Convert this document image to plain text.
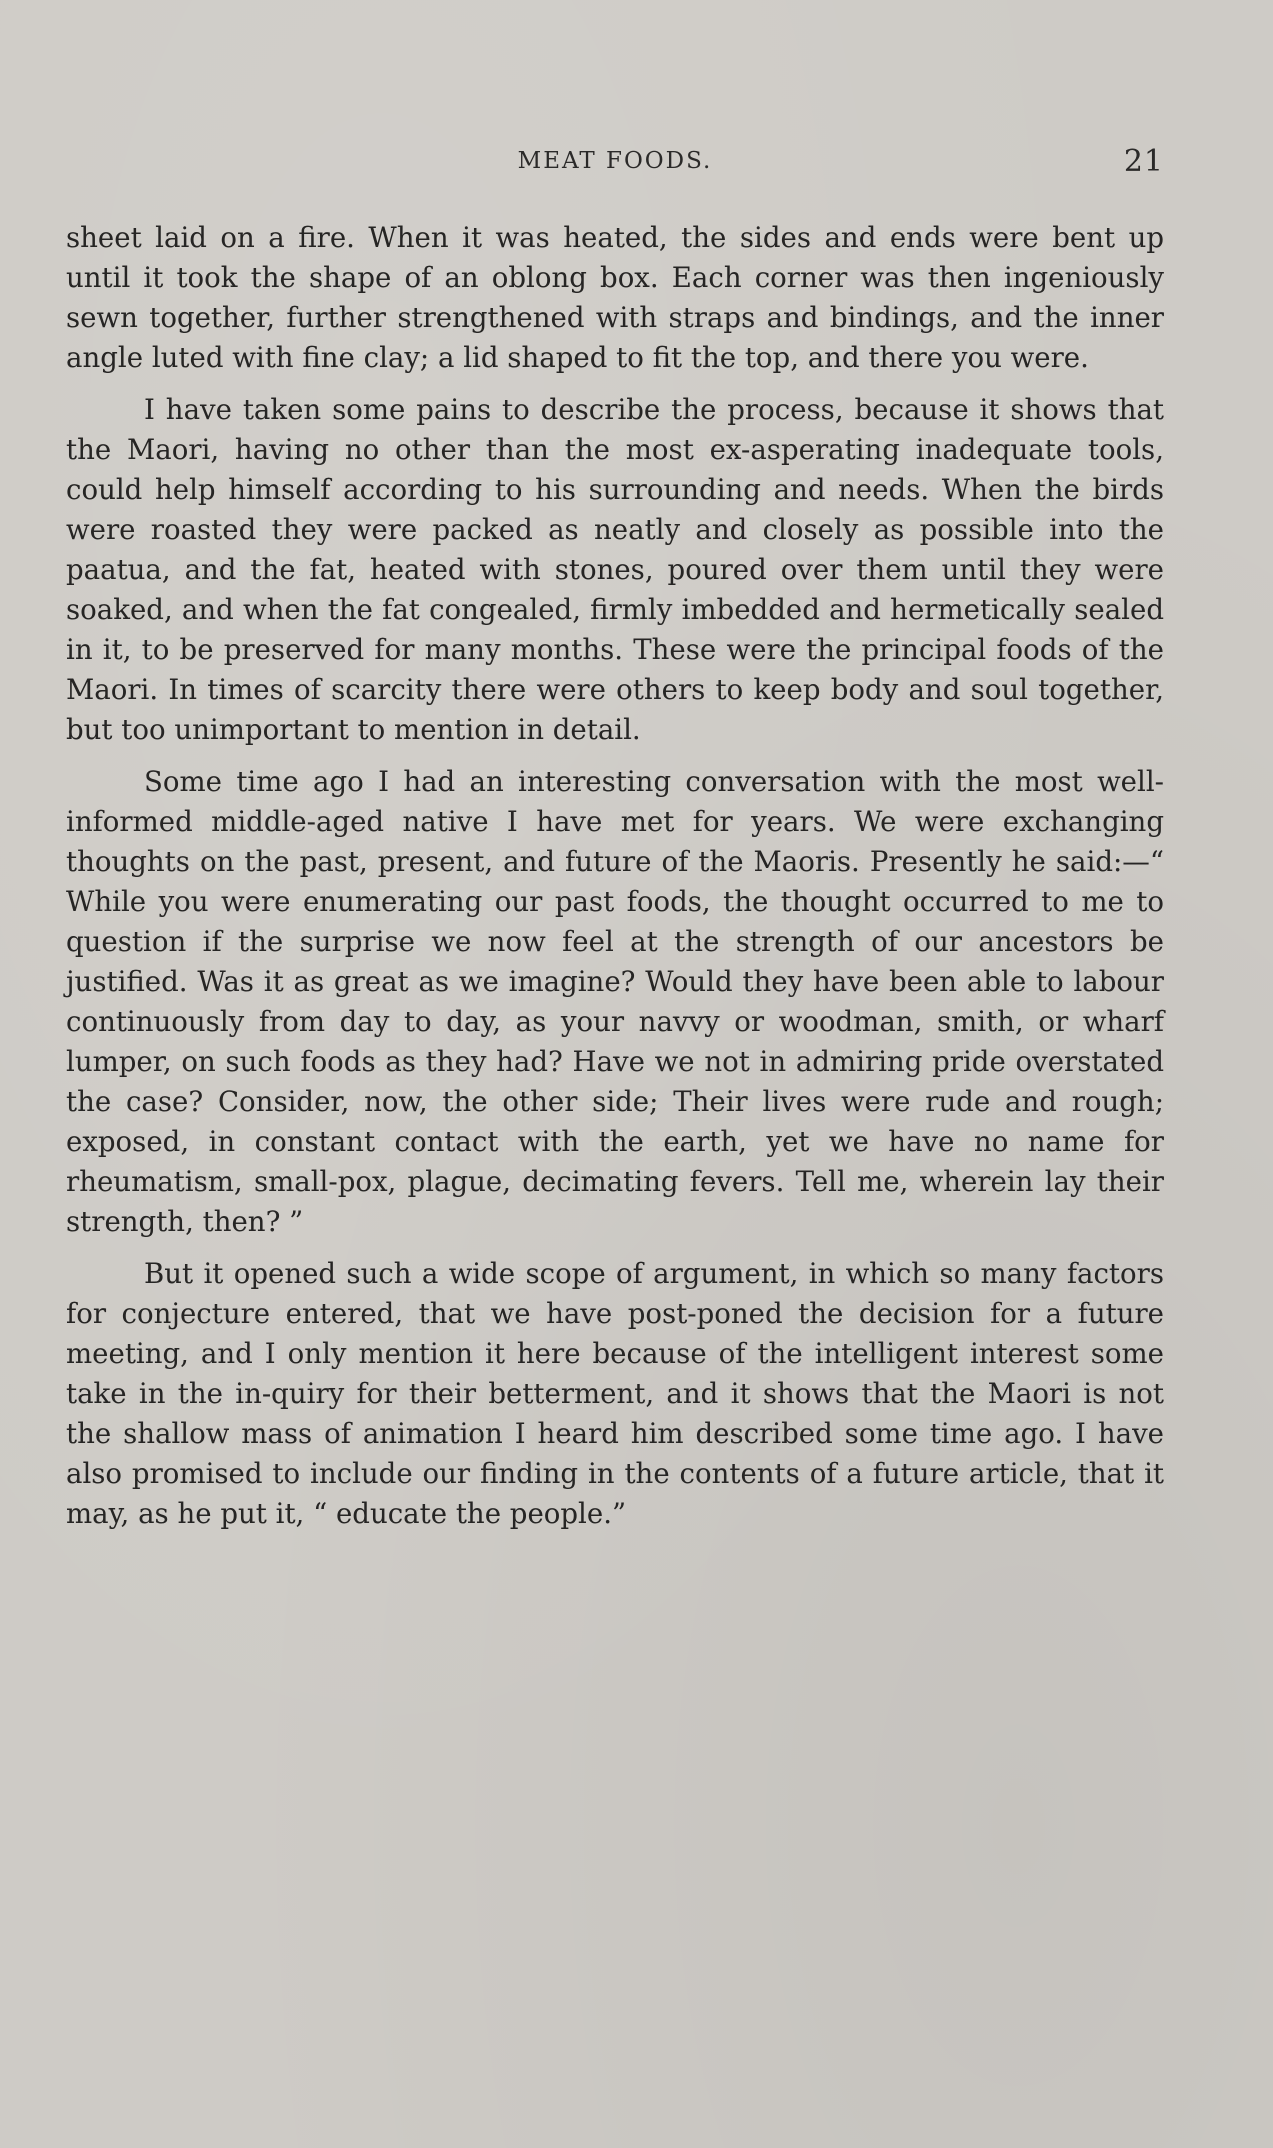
MEAT FOODS.	21

sheet laid on a fire. When it was heated, the sides and ends were bent up until it took the shape of an oblong box. Each corner was then ingeniously sewn together, further strengthened with straps and bindings, and the inner angle luted with fine clay; a lid shaped to fit the top, and there you were.

I have taken some pains to describe the process, because it shows that the Maori, having no other than the most ex-asperating inadequate tools, could help himself according to his surrounding and needs. When the birds were roasted they were packed as neatly and closely as possible into the paatua, and the fat, heated with stones, poured over them until they were soaked, and when the fat congealed, firmly imbedded and hermetically sealed in it, to be preserved for many months. These were the principal foods of the Maori. In times of scarcity there were others to keep body and soul together, but too unimportant to mention in detail.

Some time ago I had an interesting conversation with the most well-informed middle-aged native I have met for years. We were exchanging thoughts on the past, present, and future of the Maoris. Presently he said:—“ While you were enumerating our past foods, the thought occurred to me to question if the surprise we now feel at the strength of our ancestors be justified. Was it as great as we imagine? Would they have been able to labour continuously from day to day, as your navvy or woodman, smith, or wharf lumper, on such foods as they had? Have we not in admiring pride overstated the case? Consider, now, the other side; Their lives were rude and rough; exposed, in constant contact with the earth, yet we have no name for rheumatism, small-pox, plague, decimating fevers. Tell me, wherein lay their strength, then? ”

But it opened such a wide scope of argument, in which so many factors for conjecture entered, that we have post-poned the decision for a future meeting, and I only mention it here because of the intelligent interest some take in the in-quiry for their betterment, and it shows that the Maori is not the shallow mass of animation I heard him described some time ago. I have also promised to include our finding in the contents of a future article, that it may, as he put it, “ educate the people.”
